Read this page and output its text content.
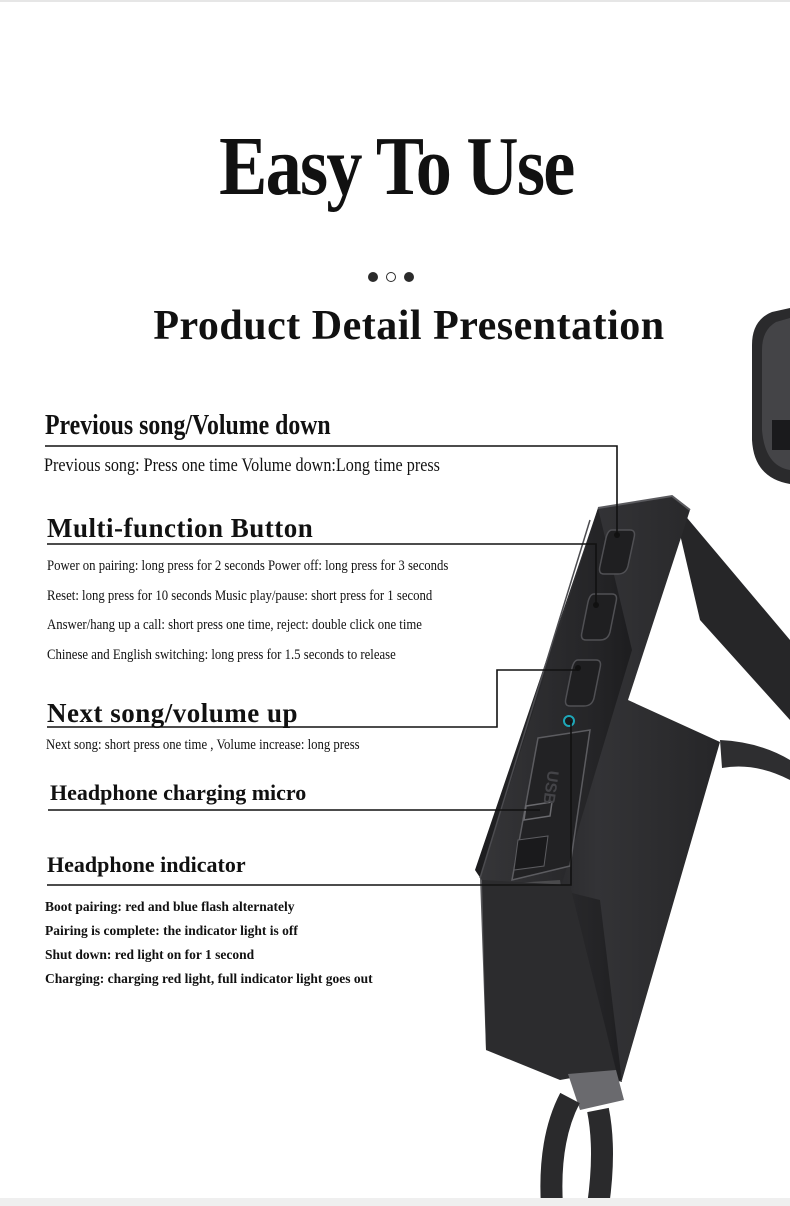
Easy To Use
Product Detail Presentation
USB
Previous song/Volume down
Previous song: Press one time Volume down:Long time press
Multi-function Button
Power on pairing: long press for 2 seconds Power off: long press for 3 seconds
Reset: long press for 10 seconds Music play/pause: short press for 1 second
Answer/hang up a call: short press one time, reject: double click one time
Chinese and English switching: long press for 1.5 seconds to release
Next song/volume up
Next song: short press one time , Volume increase: long press
Headphone charging micro
Headphone indicator
Boot pairing: red and blue flash alternately
Pairing is complete: the indicator light is off
Shut down: red light on for 1 second
Charging: charging red light, full indicator light goes out
